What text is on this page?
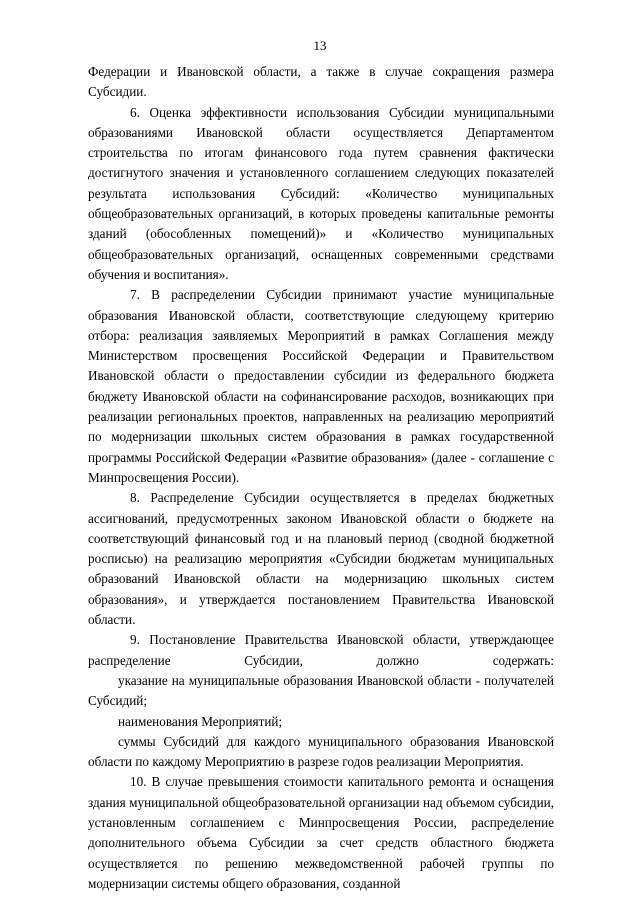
13

Федерации и Ивановской области, а также в случае сокращения размера Субсидии.

6. Оценка эффективности использования Субсидии муниципальными образованиями Ивановской области осуществляется Департаментом строительства по итогам финансового года путем сравнения фактически достигнутого значения и установленного соглашением следующих показателей результата использования Субсидий: «Количество муниципальных общеобразовательных организаций, в которых проведены капитальные ремонты зданий (обособленных помещений)» и «Количество муниципальных общеобразовательных организаций, оснащенных современными средствами обучения и воспитания».

7. В распределении Субсидии принимают участие муниципальные образования Ивановской области, соответствующие следующему критерию отбора: реализация заявляемых Мероприятий в рамках Соглашения между Министерством просвещения Российской Федерации и Правительством Ивановской области о предоставлении субсидии из федерального бюджета бюджету Ивановской области на софинансирование расходов, возникающих при реализации региональных проектов, направленных на реализацию мероприятий по модернизации школьных систем образования в рамках государственной программы Российской Федерации «Развитие образования» (далее - соглашение с Минпросвещения России).

8. Распределение Субсидии осуществляется в пределах бюджетных ассигнований, предусмотренных законом Ивановской области о бюджете на соответствующий финансовый год и на плановый период (сводной бюджетной росписью) на реализацию мероприятия «Субсидии бюджетам муниципальных образований Ивановской области на модернизацию школьных систем образования», и утверждается постановлением Правительства Ивановской области.

9. Постановление Правительства Ивановской области, утверждающее распределение Субсидии, должно содержать:

указание на муниципальные образования Ивановской области - получателей Субсидий;

наименования Мероприятий;

суммы Субсидий для каждого муниципального образования Ивановской области по каждому Мероприятию в разрезе годов реализации Мероприятия.

10. В случае превышения стоимости капитального ремонта и оснащения здания муниципальной общеобразовательной организации над объемом субсидии, установленным соглашением с Минпросвещения России, распределение дополнительного объема Субсидии за счет средств областного бюджета осуществляется по решению межведомственной рабочей группы по модернизации системы общего образования, созданной
